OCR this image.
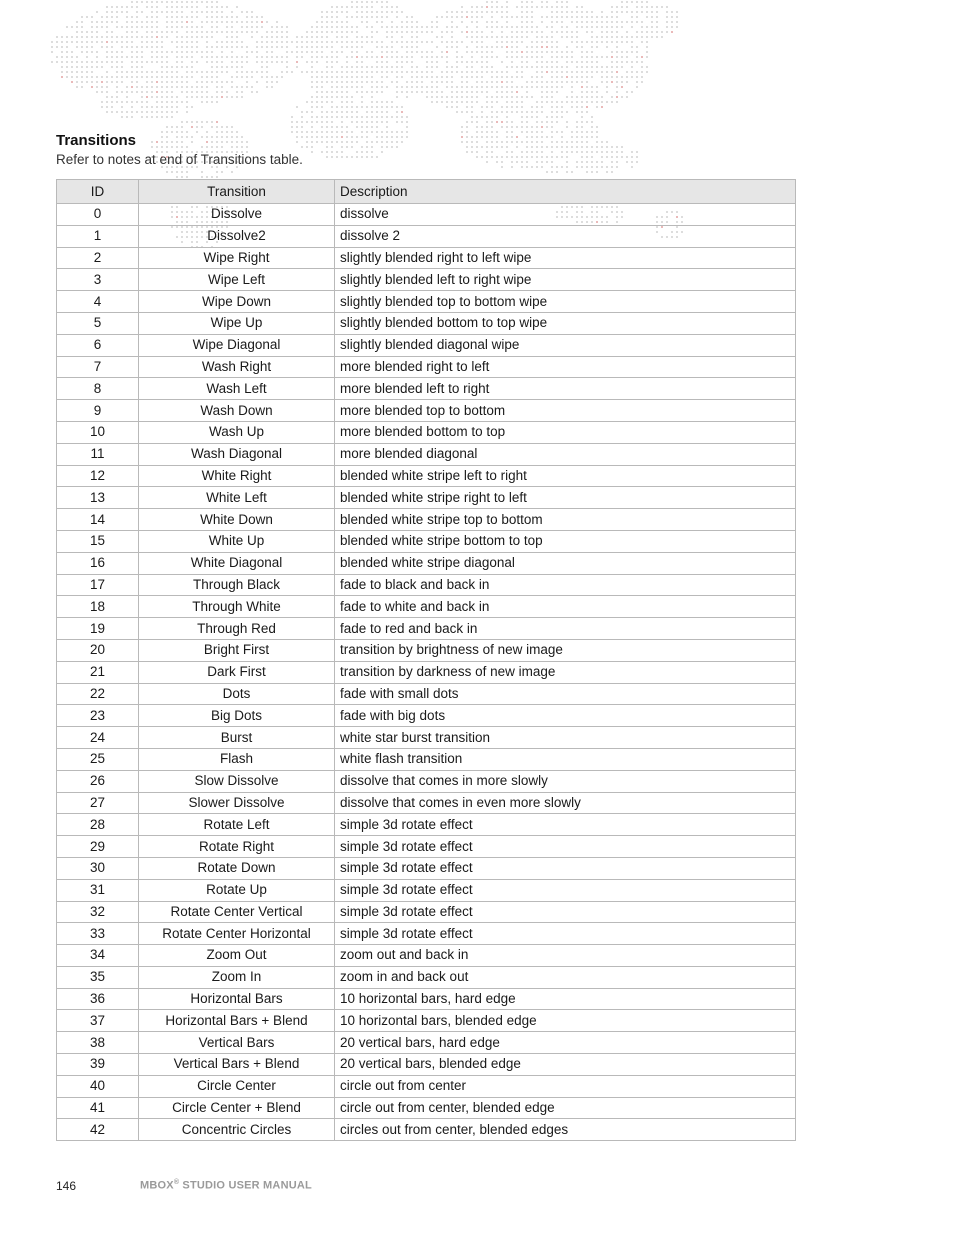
Transitions

Refer to notes at end of Transitions table.

ID	Transition	Description
0	Dissolve	dissolve
1	Dissolve2	dissolve 2
2	Wipe Right	slightly blended right to left wipe
3	Wipe Left	slightly blended left to right wipe
4	Wipe Down	slightly blended top to bottom wipe
5	Wipe Up	slightly blended bottom to top wipe
6	Wipe Diagonal	slightly blended diagonal wipe
7	Wash Right	more blended right to left
8	Wash Left	more blended left to right
9	Wash Down	more blended top to bottom
10	Wash Up	more blended bottom to top
11	Wash Diagonal	more blended diagonal
12	White Right	blended white stripe left to right
13	White Left	blended white stripe right to left
14	White Down	blended white stripe top to bottom
15	White Up	blended white stripe bottom to top
16	White Diagonal	blended white stripe diagonal
17	Through Black	fade to black and back in
18	Through White	fade to white and back in
19	Through Red	fade to red and back in
20	Bright First	transition by brightness of new image
21	Dark First	transition by darkness of new image
22	Dots	fade with small dots
23	Big Dots	fade with big dots
24	Burst	white star burst transition
25	Flash	white flash transition
26	Slow Dissolve	dissolve that comes in more slowly
27	Slower Dissolve	dissolve that comes in even more slowly
28	Rotate Left	simple 3d rotate effect
29	Rotate Right	simple 3d rotate effect
30	Rotate Down	simple 3d rotate effect
31	Rotate Up	simple 3d rotate effect
32	Rotate Center Vertical	simple 3d rotate effect
33	Rotate Center Horizontal	simple 3d rotate effect
34	Zoom Out	zoom out and back in
35	Zoom In	zoom in and back out
36	Horizontal Bars	10 horizontal bars, hard edge
37	Horizontal Bars + Blend	10 horizontal bars, blended edge
38	Vertical Bars	20 vertical bars, hard edge
39	Vertical Bars + Blend	20 vertical bars, blended edge
40	Circle Center	circle out from center
41	Circle Center + Blend	circle out from center, blended edge
42	Concentric Circles	circles out from center, blended edges
146	MBOX® STUDIO USER MANUAL
